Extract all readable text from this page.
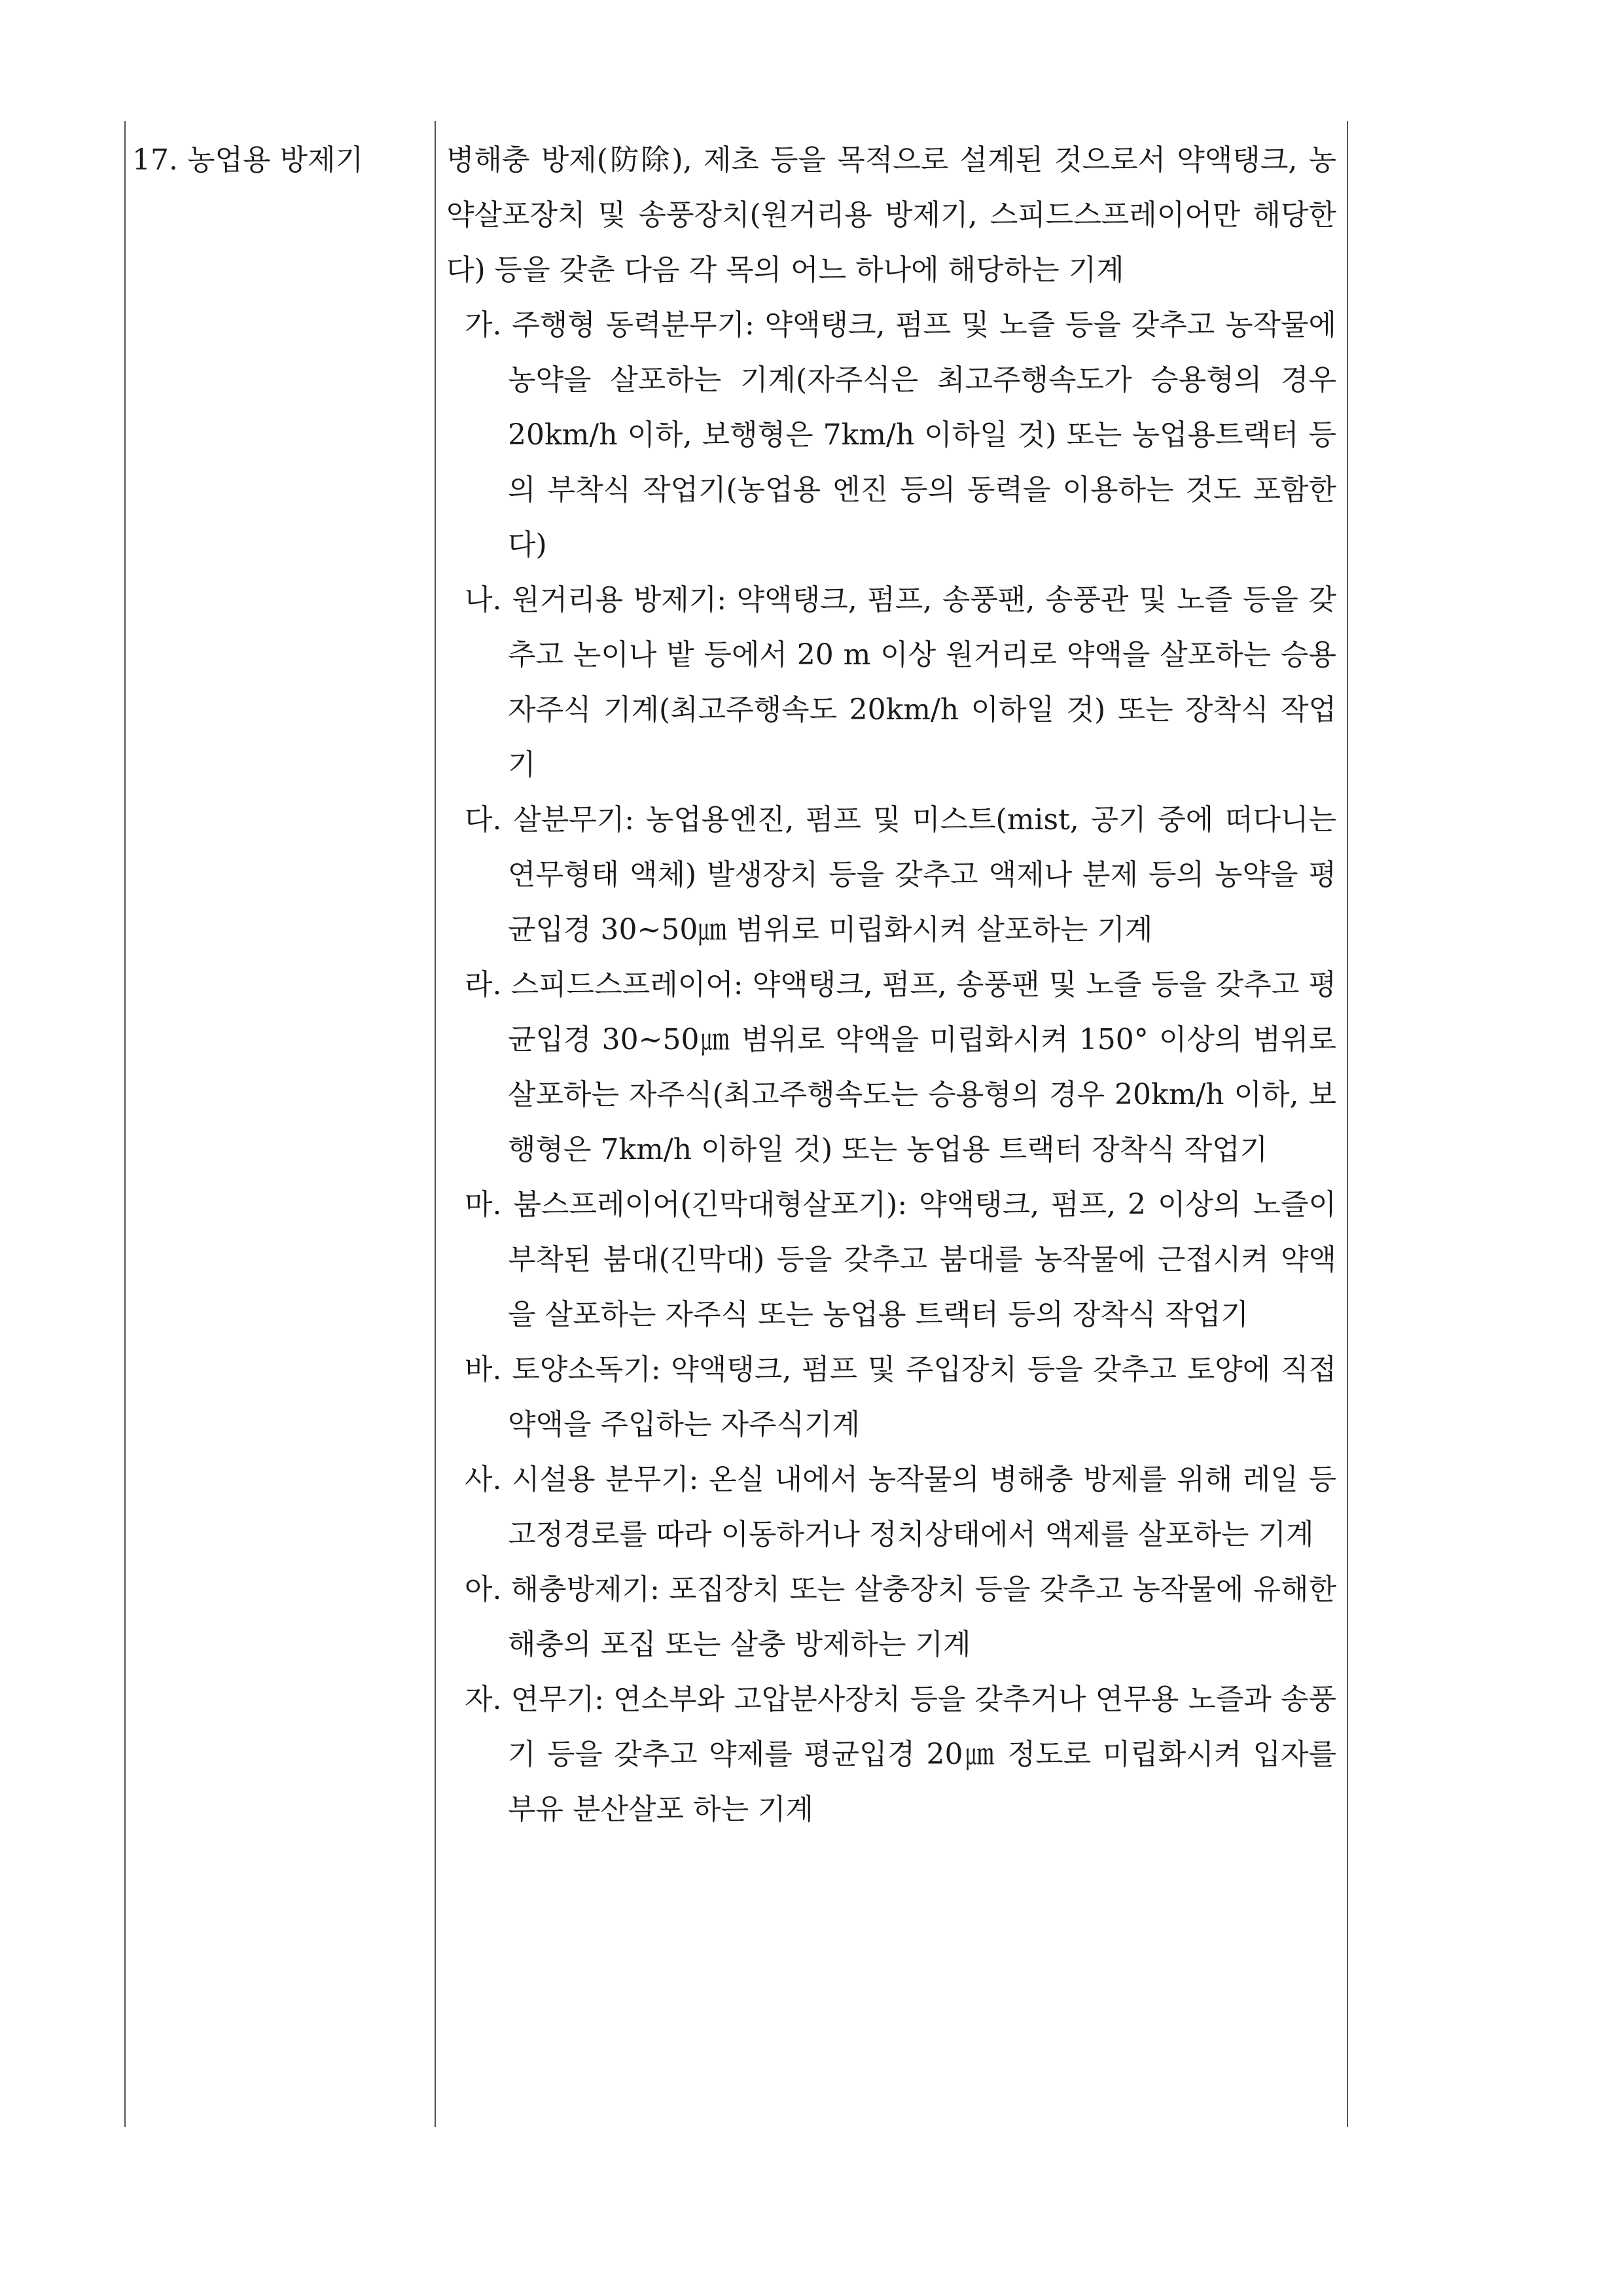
17. 농업용 방제기	병해충 방제(防除), 제초 등을 목적으로 설계된 것으로서 약액탱크, 농약살포장치 및 송풍장치(원거리용 방제기, 스피드스프레이어만 해당한다) 등을 갖춘 다음 각 목의 어느 하나에 해당하는 기계
가. 주행형 동력분무기: 약액탱크, 펌프 및 노즐 등을 갖추고 농작물에 농약을 살포하는 기계(자주식은 최고주행속도가 승용형의 경우 20km/h 이하, 보행형은 7km/h 이하일 것) 또는 농업용트랙터 등의 부착식 작업기(농업용 엔진 등의 동력을 이용하는 것도 포함한다)
나. 원거리용 방제기: 약액탱크, 펌프, 송풍팬, 송풍관 및 노즐 등을 갖추고 논이나 밭 등에서 20 m 이상 원거리로 약액을 살포하는 승용자주식 기계(최고주행속도 20km/h 이하일 것) 또는 장착식 작업기
다. 살분무기: 농업용엔진, 펌프 및 미스트(mist, 공기 중에 떠다니는 연무형태 액체) 발생장치 등을 갖추고 액제나 분제 등의 농약을 평균입경 30~50㎛ 범위로 미립화시켜 살포하는 기계
라. 스피드스프레이어: 약액탱크, 펌프, 송풍팬 및 노즐 등을 갖추고 평균입경 30~50㎛ 범위로 약액을 미립화시켜 150° 이상의 범위로 살포하는 자주식(최고주행속도는 승용형의 경우 20km/h 이하, 보행형은 7km/h 이하일 것) 또는 농업용 트랙터 장착식 작업기
마. 붐스프레이어(긴막대형살포기): 약액탱크, 펌프, 2 이상의 노즐이 부착된 붐대(긴막대) 등을 갖추고 붐대를 농작물에 근접시켜 약액을 살포하는 자주식 또는 농업용 트랙터 등의 장착식 작업기
바. 토양소독기: 약액탱크, 펌프 및 주입장치 등을 갖추고 토양에 직접 약액을 주입하는 자주식기계
사. 시설용 분무기: 온실 내에서 농작물의 병해충 방제를 위해 레일 등 고정경로를 따라 이동하거나 정치상태에서 액제를 살포하는 기계
아. 해충방제기: 포집장치 또는 살충장치 등을 갖추고 농작물에 유해한 해충의 포집 또는 살충 방제하는 기계
자. 연무기: 연소부와 고압분사장치 등을 갖추거나 연무용 노즐과 송풍기 등을 갖추고 약제를 평균입경 20㎛ 정도로 미립화시켜 입자를 부유 분산살포 하는 기계
